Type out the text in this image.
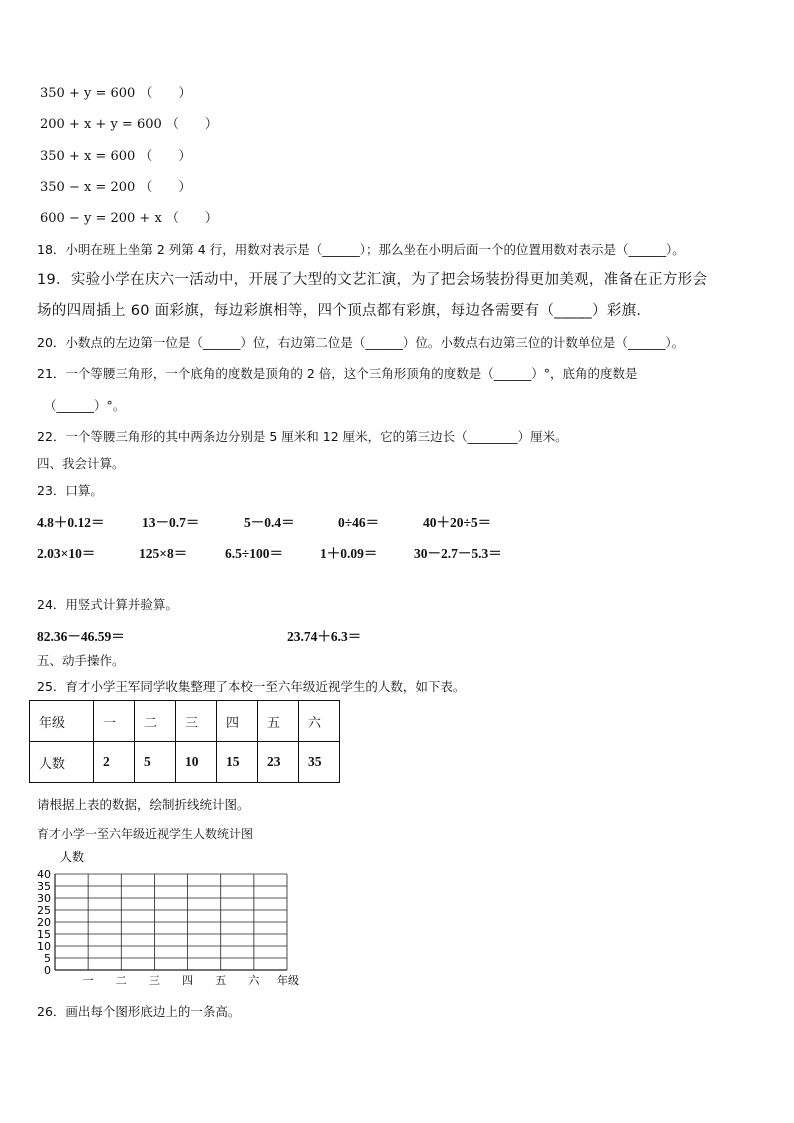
350 + y = 600 （　　）
200 + x + y = 600 （　　）
350 + x = 600 （　　）
350 − x = 200 （　　）
600 − y = 200 + x （　　）
18．小明在班上坐第 2 列第 4 行，用数对表示是（______）；那么坐在小明后面一个的位置用数对表示是（______）。
19．实验小学在庆六一活动中，开展了大型的文艺汇演，为了把会场装扮得更加美观，准备在正方形会
场的四周插上 60 面彩旗，每边彩旗相等，四个顶点都有彩旗，每边各需要有（_____）彩旗．
20．小数点的左边第一位是（______）位，右边第二位是（______）位。小数点右边第三位的计数单位是（______）。
21．一个等腰三角形，一个底角的度数是顶角的 2 倍，这个三角形顶角的度数是（______）°，底角的度数是
（______）°。
22．一个等腰三角形的其中两条边分别是 5 厘米和 12 厘米，它的第三边长（________）厘米。
四、我会计算。
23．口算。
4.8＋0.12＝	13－0.7＝	5－0.4＝	0÷46＝	40＋20÷5＝
2.03×10＝	125×8＝	6.5÷100＝	1＋0.09＝	30－2.7－5.3＝
24．用竖式计算并验算。
82.36－46.59＝	23.74＋6.3＝
五、动手操作。
25．育才小学王军同学收集整理了本校一至六年级近视学生的人数，如下表。
年级	一	二	三	四	五	六
人数	2	5	10	15	23	35
请根据上表的数据，绘制折线统计图。
育才小学一至六年级近视学生人数统计图
0
5
10
15
20
25
30
35
40
一 二 三 四 五 六
人数
年级
26．画出每个图形底边上的一条高。
